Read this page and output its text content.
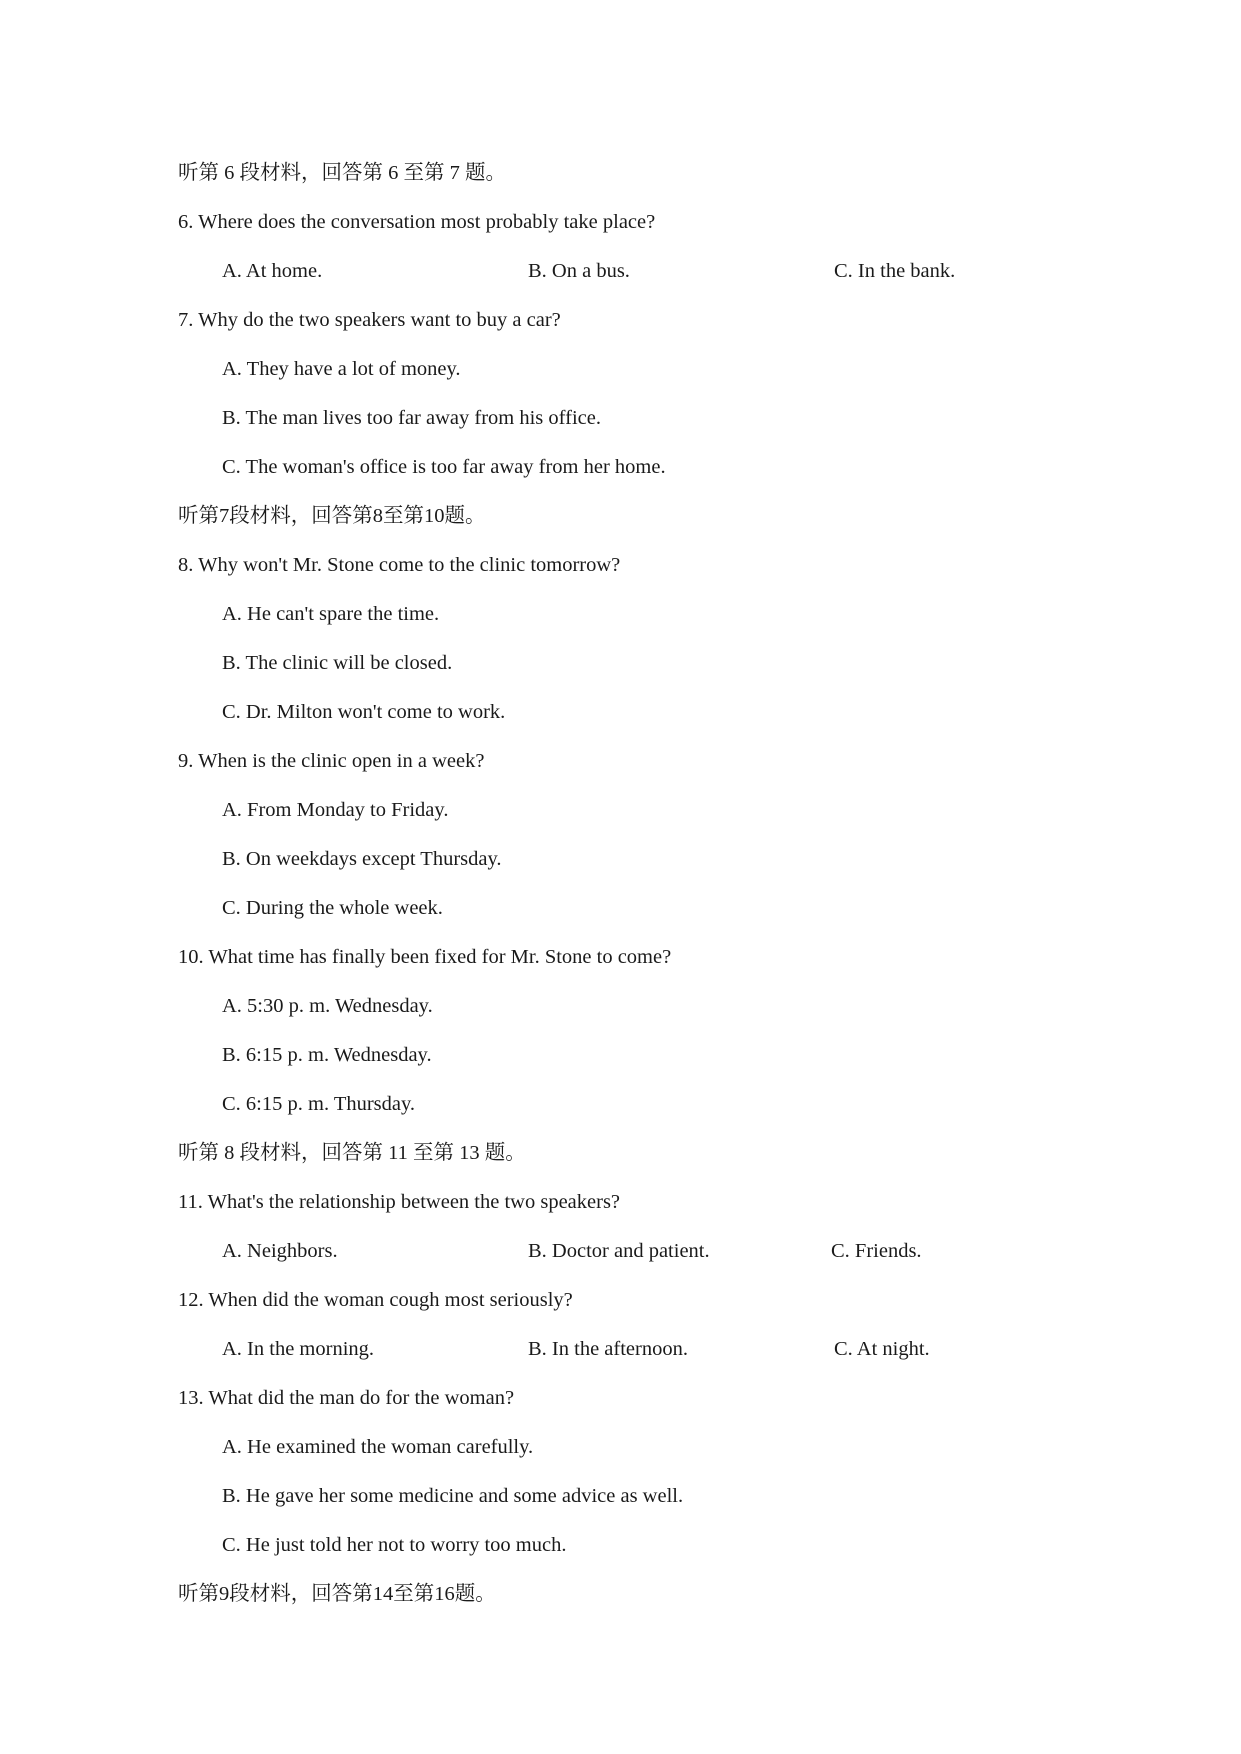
听第 6 段材料，回答第 6 至第 7 题。
6. Where does the conversation most probably take place?
A. At home.	B. On a bus.	C. In the bank.
7. Why do the two speakers want to buy a car?
A. They have a lot of money.
B. The man lives too far away from his office.
C. The woman's office is too far away from her home.
听第7段材料，回答第8至第10题。
8. Why won't Mr. Stone come to the clinic tomorrow?
A. He can't spare the time.
B. The clinic will be closed.
C. Dr. Milton won't come to work.
9. When is the clinic open in a week?
A. From Monday to Friday.
B. On weekdays except Thursday.
C. During the whole week.
10. What time has finally been fixed for Mr. Stone to come?
A. 5:30 p. m. Wednesday.
B. 6:15 p. m. Wednesday.
C. 6:15 p. m. Thursday.
听第 8 段材料，回答第 11 至第 13 题。
11. What's the relationship between the two speakers?
A. Neighbors.	B. Doctor and patient.	C. Friends.
12. When did the woman cough most seriously?
A. In the morning.	B. In the afternoon.	C. At night.
13. What did the man do for the woman?
A. He examined the woman carefully.
B. He gave her some medicine and some advice as well.
C. He just told her not to worry too much.
听第9段材料，回答第14至第16题。
